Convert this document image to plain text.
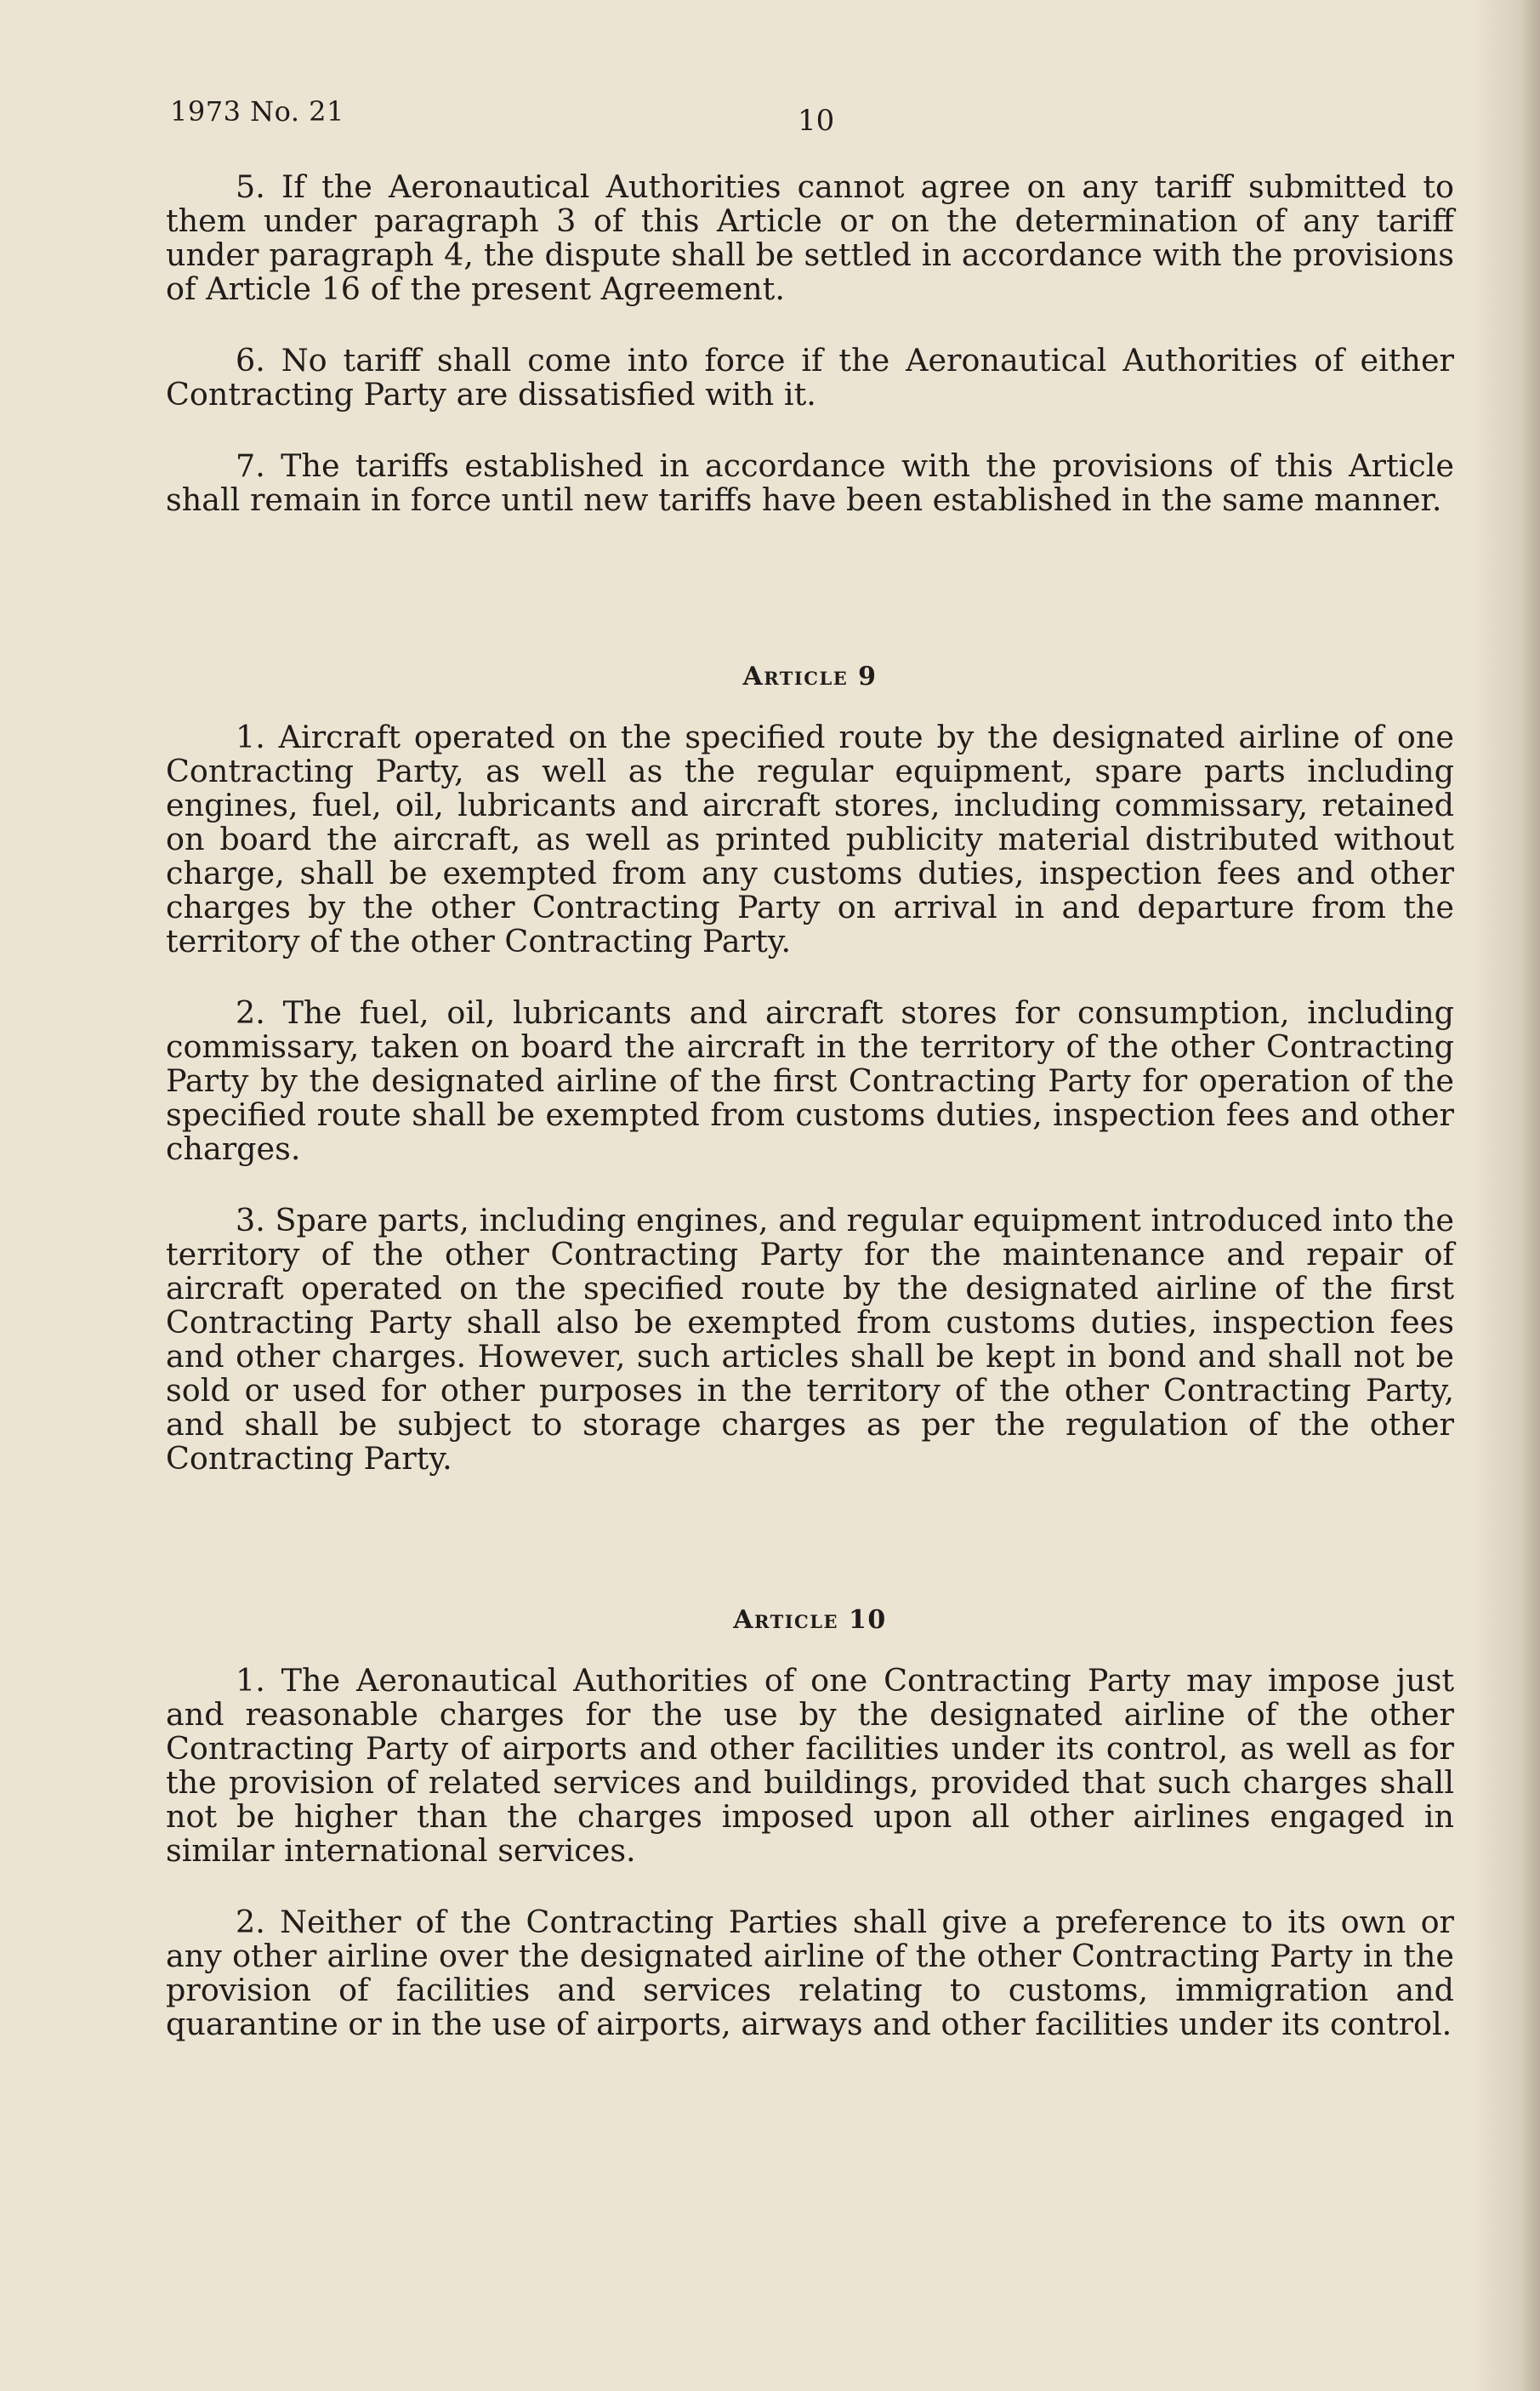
1973 No. 21	10

5. If the Aeronautical Authorities cannot agree on any tariff submitted to them under paragraph 3 of this Article or on the determination of any tariff under paragraph 4, the dispute shall be settled in accordance with the provisions of Article 16 of the present Agreement.

6. No tariff shall come into force if the Aeronautical Authorities of either Contracting Party are dissatisfied with it.

7. The tariffs established in accordance with the provisions of this Article shall remain in force until new tariffs have been established in the same manner.

Article 9

1. Aircraft operated on the specified route by the designated airline of one Contracting Party, as well as the regular equipment, spare parts including engines, fuel, oil, lubricants and aircraft stores, including commissary, retained on board the aircraft, as well as printed publicity material distributed without charge, shall be exempted from any customs duties, inspection fees and other charges by the other Contracting Party on arrival in and departure from the territory of the other Contracting Party.

2. The fuel, oil, lubricants and aircraft stores for consumption, including commissary, taken on board the aircraft in the territory of the other Contracting Party by the designated airline of the first Contracting Party for operation of the specified route shall be exempted from customs duties, inspection fees and other charges.

3. Spare parts, including engines, and regular equipment introduced into the territory of the other Contracting Party for the maintenance and repair of aircraft operated on the specified route by the designated airline of the first Contracting Party shall also be exempted from customs duties, inspection fees and other charges. However, such articles shall be kept in bond and shall not be sold or used for other purposes in the territory of the other Contracting Party, and shall be subject to storage charges as per the regulation of the other Contracting Party.

Article 10

1. The Aeronautical Authorities of one Contracting Party may impose just and reasonable charges for the use by the designated airline of the other Contracting Party of airports and other facilities under its control, as well as for the provision of related services and buildings, provided that such charges shall not be higher than the charges imposed upon all other airlines engaged in similar international services.

2. Neither of the Contracting Parties shall give a preference to its own or any other airline over the designated airline of the other Contracting Party in the provision of facilities and services relating to customs, immigration and quarantine or in the use of airports, airways and other facilities under its control.
